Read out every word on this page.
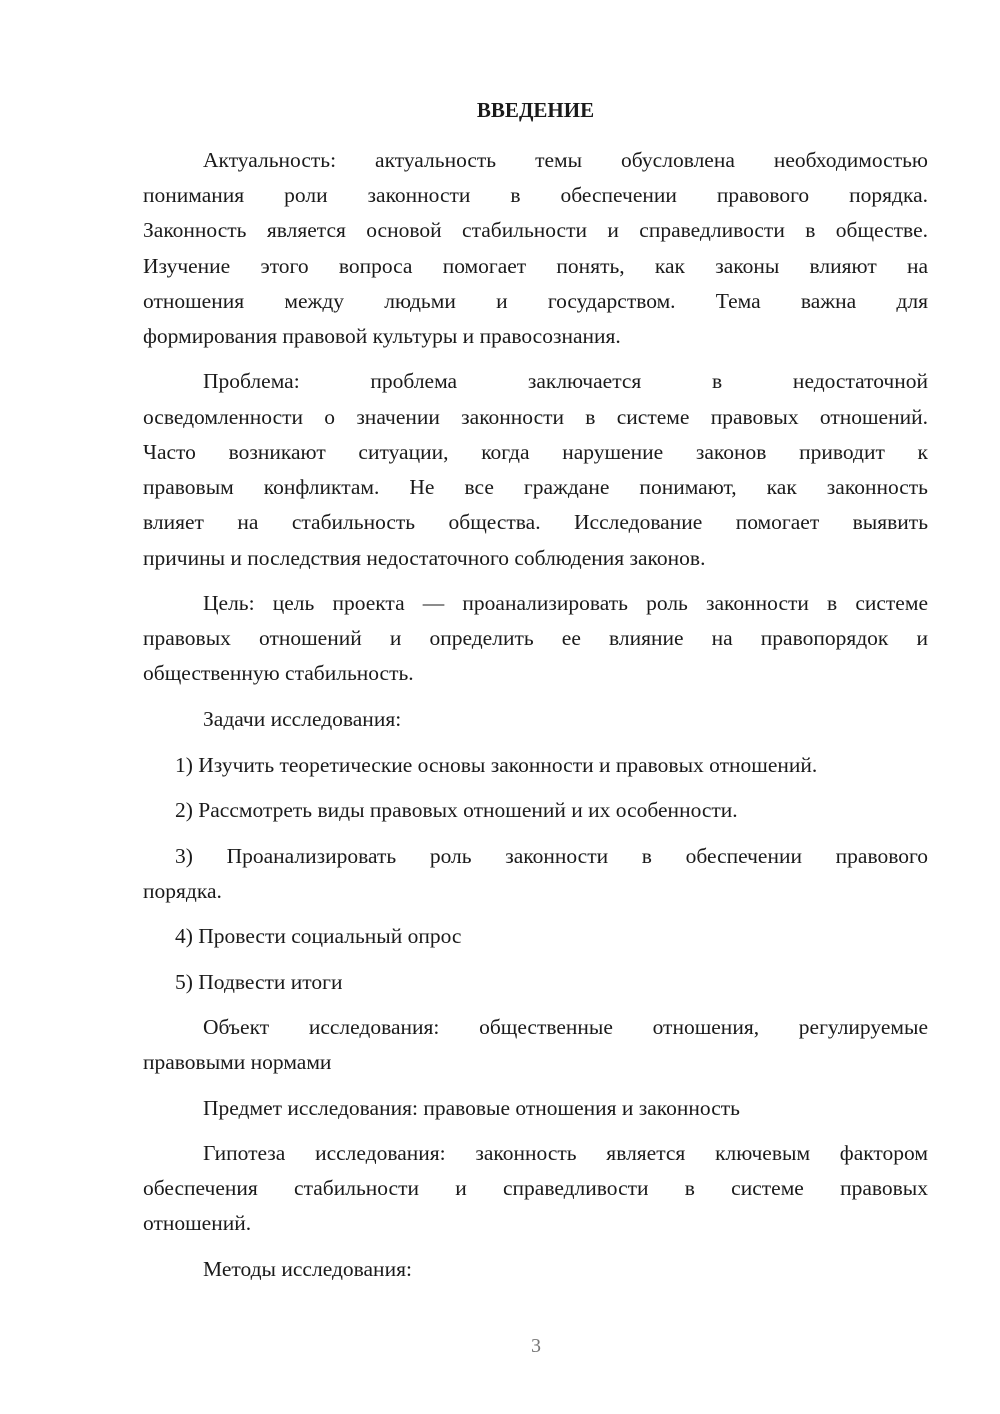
ВВЕДЕНИЕ
Актуальность: актуальность темы обусловлена необходимостью
понимания роли законности в обеспечении правового порядка.
Законность является основой стабильности и справедливости в обществе.
Изучение этого вопроса помогает понять, как законы влияют на
отношения между людьми и государством. Тема важна для
формирования правовой культуры и правосознания.
Проблема: проблема заключается в недостаточной
осведомленности о значении законности в системе правовых отношений.
Часто возникают ситуации, когда нарушение законов приводит к
правовым конфликтам. Не все граждане понимают, как законность
влияет на стабильность общества. Исследование помогает выявить
причины и последствия недостаточного соблюдения законов.
Цель: цель проекта — проанализировать роль законности в системе
правовых отношений и определить ее влияние на правопорядок и
общественную стабильность.
Задачи исследования:
1) Изучить теоретические основы законности и правовых отношений.
2) Рассмотреть виды правовых отношений и их особенности.
3) Проанализировать роль законности в обеспечении правового
порядка.
4) Провести социальный опрос
5) Подвести итоги
Объект исследования: общественные отношения, регулируемые
правовыми нормами
Предмет исследования: правовые отношения и законность
Гипотеза исследования: законность является ключевым фактором
обеспечения стабильности и справедливости в системе правовых
отношений.
Методы исследования:
3
